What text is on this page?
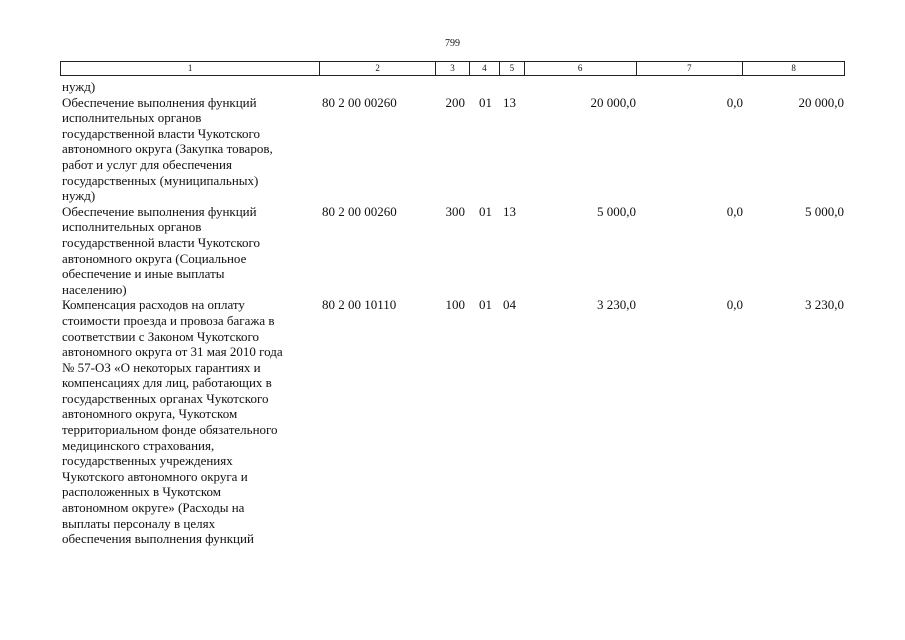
799
1	2	3	4	5	6	7	8
нужд)
Обеспечение выполнения функций
исполнительных органов
государственной власти Чукотского
автономного округа (Закупка товаров,
работ и услуг для обеспечения
государственных (муниципальных)
нужд)
80 2 00 00260	200	01 13	20 000,0	0,0	20 000,0
Обеспечение выполнения функций
исполнительных органов
государственной власти Чукотского
автономного округа (Социальное
обеспечение и иные выплаты
населению)
80 2 00 00260	300	01 13	5 000,0	0,0	5 000,0
Компенсация расходов на оплату
стоимости проезда и провоза багажа в
соответствии с Законом Чукотского
автономного округа от 31 мая 2010 года
№ 57-ОЗ «О некоторых гарантиях и
компенсациях для лиц, работающих в
государственных органах Чукотского
автономного округа, Чукотском
территориальном фонде обязательного
медицинского страхования,
государственных учреждениях
Чукотского автономного округа и
расположенных в Чукотском
автономном округе» (Расходы на
выплаты персоналу в целях
обеспечения выполнения функций
80 2 00 10110	100	01 04	3 230,0	0,0	3 230,0
